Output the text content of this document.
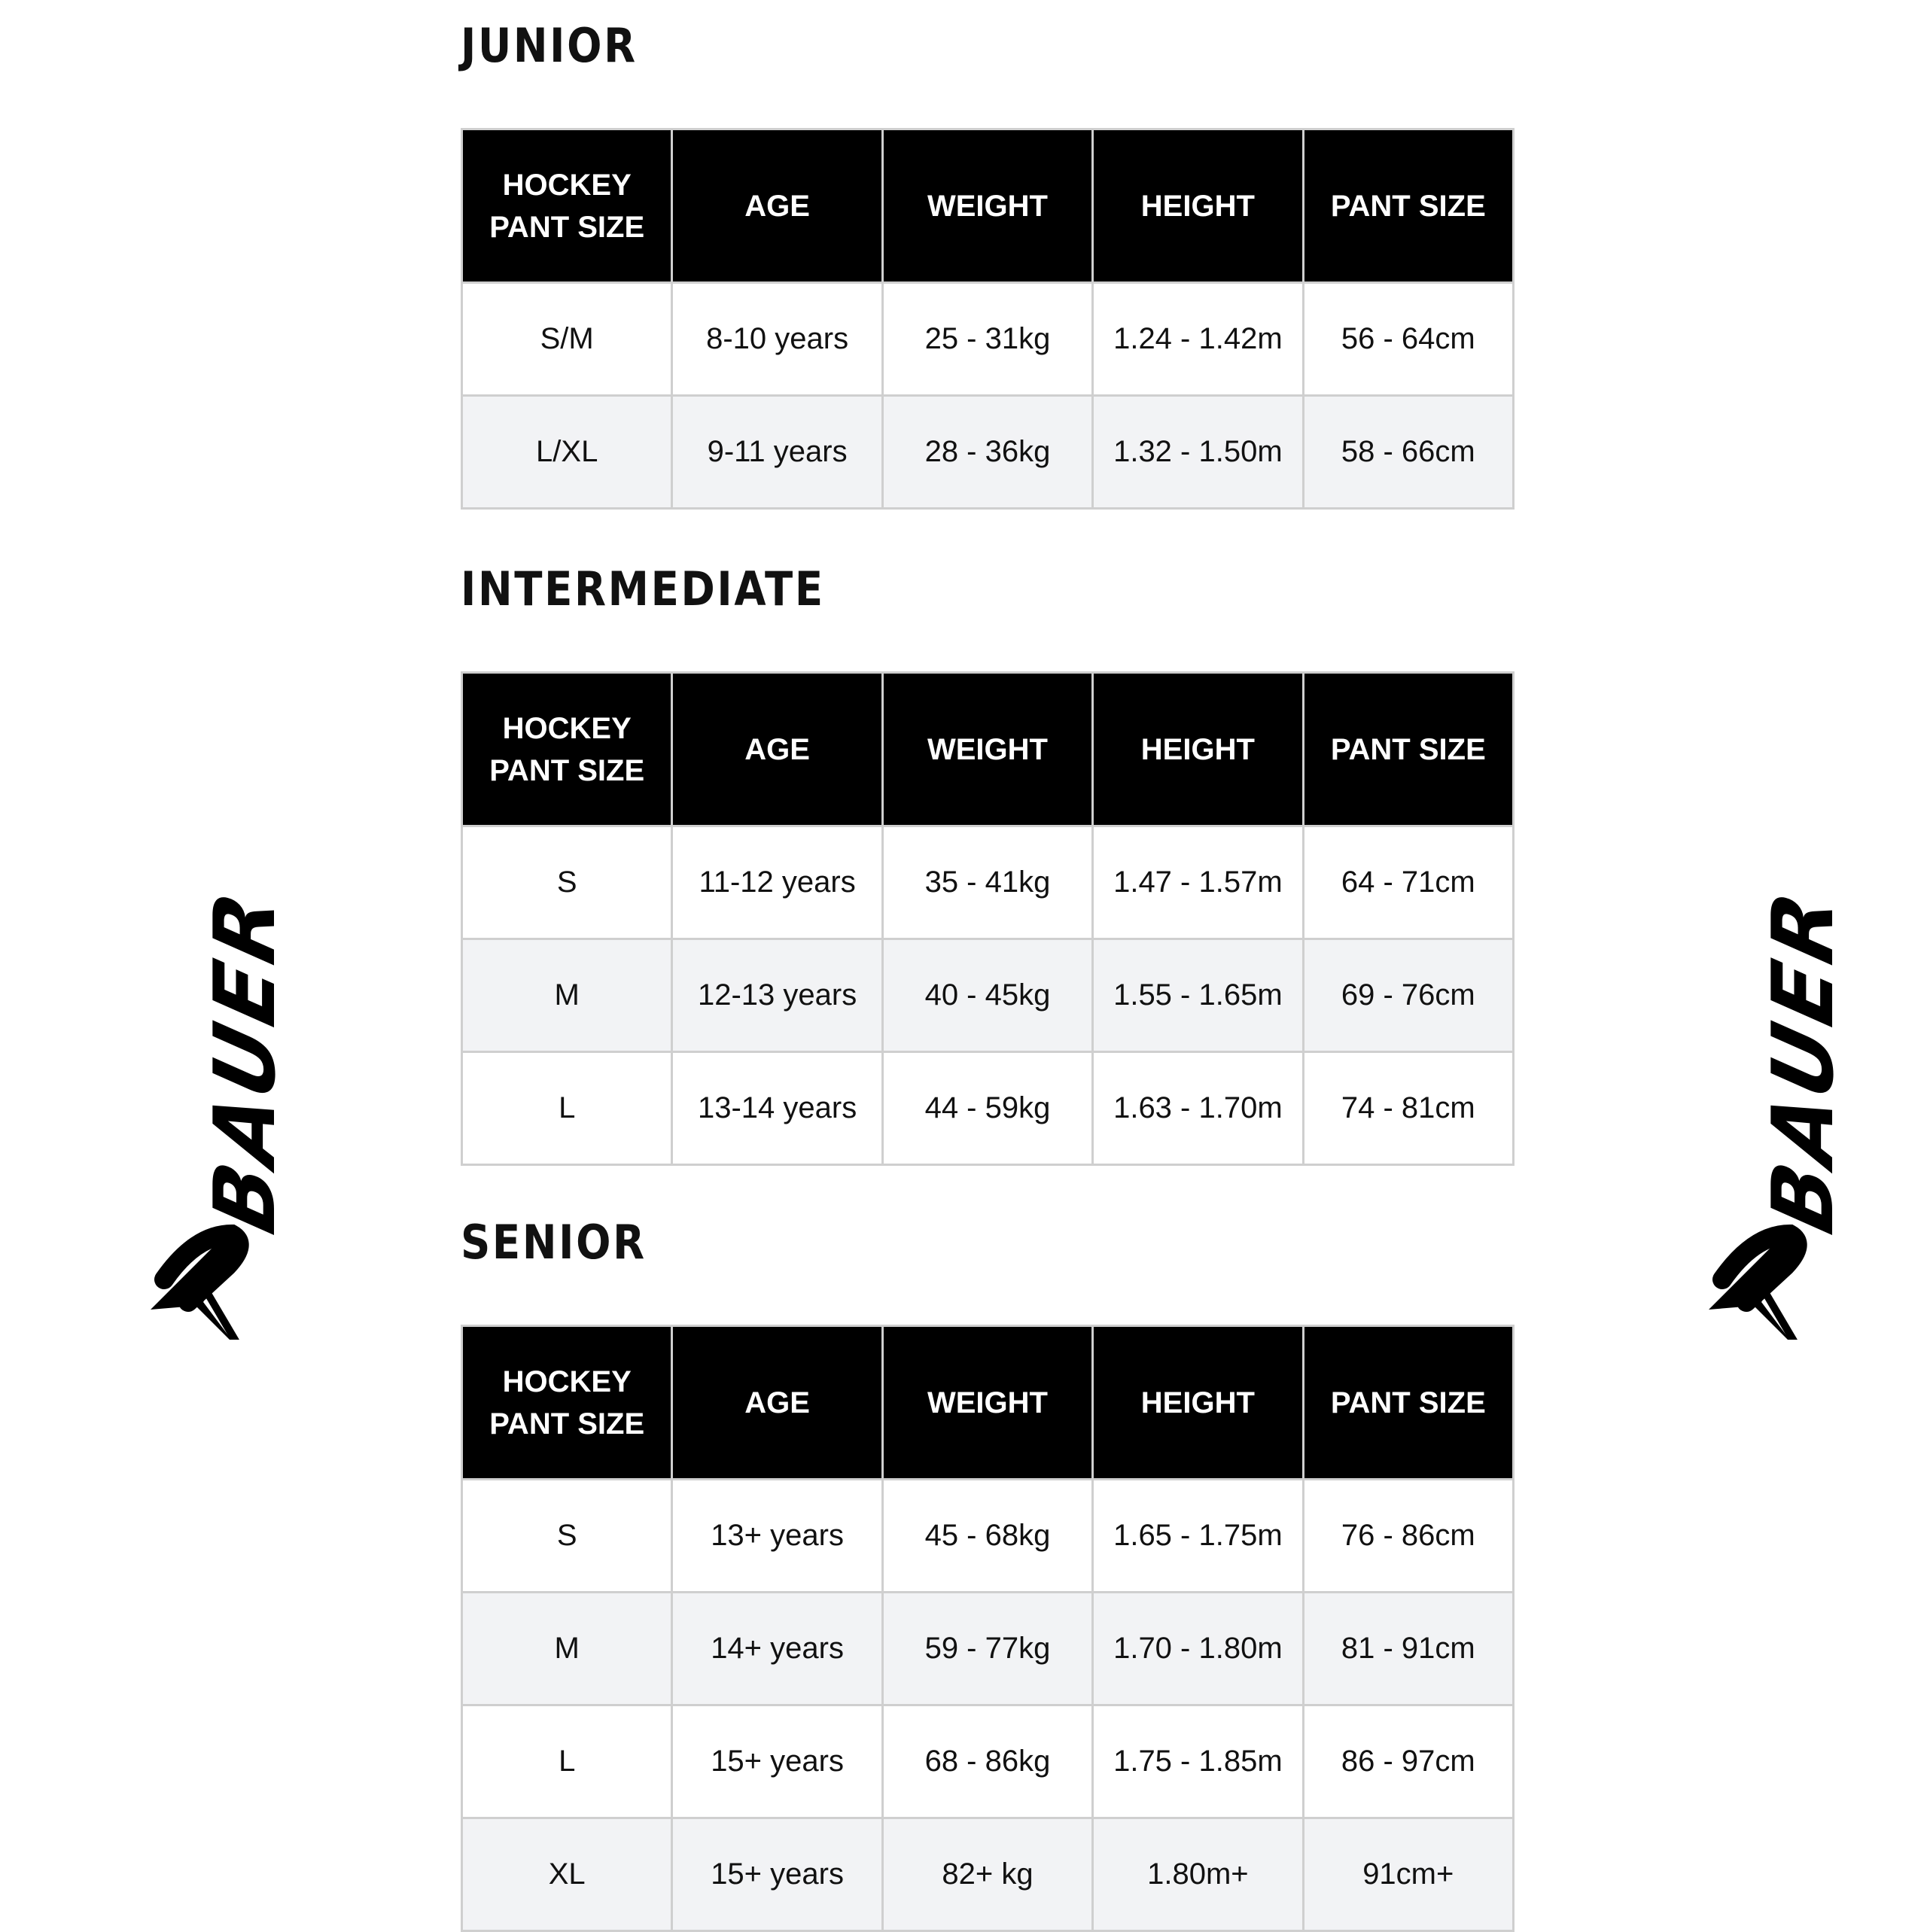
BAUER	BAUER
JUNIOR
HOCKEY PANT SIZE	AGE	WEIGHT	HEIGHT	PANT SIZE
S/M	8-10 years	25 - 31kg	1.24 - 1.42m	56 - 64cm
L/XL	9-11 years	28 - 36kg	1.32 - 1.50m	58 - 66cm
INTERMEDIATE
HOCKEY PANT SIZE	AGE	WEIGHT	HEIGHT	PANT SIZE
S	11-12 years	35 - 41kg	1.47 - 1.57m	64 - 71cm
M	12-13 years	40 - 45kg	1.55 - 1.65m	69 - 76cm
L	13-14 years	44 - 59kg	1.63 - 1.70m	74 - 81cm
SENIOR
HOCKEY PANT SIZE	AGE	WEIGHT	HEIGHT	PANT SIZE
S	13+ years	45 - 68kg	1.65 - 1.75m	76 - 86cm
M	14+ years	59 - 77kg	1.70 - 1.80m	81 - 91cm
L	15+ years	68 - 86kg	1.75 - 1.85m	86 - 97cm
XL	15+ years	82+ kg	1.80m+	91cm+
